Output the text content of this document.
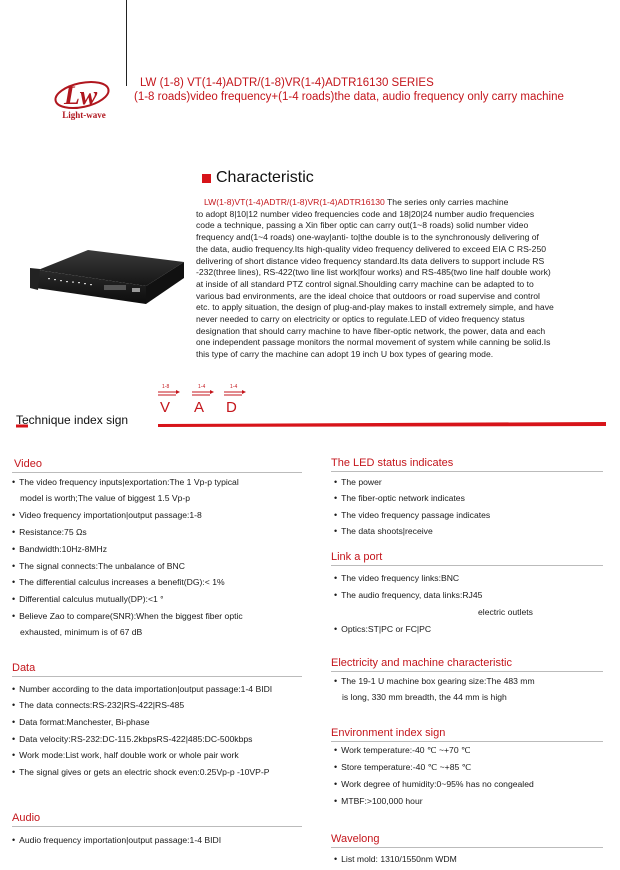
Lw
Light-wave
LW (1-8) VT(1-4)ADTR/(1-8)VR(1-4)ADTR16130 SERIES
(1-8 roads)video frequency+(1-4 roads)the data, audio frequency only carry machine
Characteristic
LW(1-8)VT(1-4)ADTR/(1-8)VR(1-4)ADTR16130 The series only carries machine
to adopt 8|10|12 number video frequencies code and 18|20|24 number audio frequencies
code a technique, passing a Xin fiber optic can carry out(1~8 roads) solid number video
frequency and(1~4 roads) one-way|anti- to|the double is to the synchronously delivering of
the data, audio frequency.Its high-quality video frequency delivered to exceed EIA C RS-250
delivering of short distance video frequency standard.Its data delivers to support include RS
-232(three lines), RS-422(two line list work|four works) and RS-485(two line half double work)
at inside of all standard PTZ control signal.Shoulding carry machine can be adapted to to
various bad environments, are the ideal choice that outdoors or road supervise and control
etc. to apply situation, the design of plug-and-play makes to install extremely simple, and have
never needed to carry on electricity or optics to regulate.LED of video frequency status
designation that should carry machine to have fiber-optic network, the power, data and each
one independent passage monitors the normal movement of system while canning be solid.Is
this type of carry the machine can adopt 19 inch U box types of gearing mode.
1-8
V
1-4
A
1-4
D
Technique index sign
Video
• The video frequency inputs|exportation:The 1 Vp-p typical
model is worth;The value of biggest 1.5 Vp-p
• Video frequency importation|output passage:1-8
• Resistance:75 Ωs
• Bandwidth:10Hz-8MHz
• The signal connects:The unbalance of BNC
• The differential calculus increases a benefit(DG):< 1%
• Differential calculus mutually(DP):<1 °
• Believe Zao to compare(SNR):When the biggest fiber optic
exhausted, minimum is of 67 dB
Data
• Number according to the data importation|output passage:1-4 BIDI
• The data connects:RS-232|RS-422|RS-485
• Data format:Manchester, Bi-phase
• Data velocity:RS-232:DC-115.2kbpsRS-422|485:DC-500kbps
• Work mode:List work, half double work or whole pair work
• The signal gives or gets an electric shock even:0.25Vp-p -10VP-P
Audio
• Audio frequency importation|output passage:1-4 BIDI
The LED status indicates
• The power
• The fiber-optic network indicates
• The video frequency passage indicates
• The data shoots|receive
Link a port
• The video frequency links:BNC
• The audio frequency, data links:RJ45
electric outlets
• Optics:ST|PC or FC|PC
Electricity and machine characteristic
• The 19-1 U machine box gearing size:The 483 mm
is long, 330 mm breadth, the 44 mm is high
Environment index sign
• Work temperature:-40 ℃ ~+70 ℃
• Store temperature:-40 ℃ ~+85 ℃
• Work degree of humidity:0~95% has no congealed
• MTBF:>100,000 hour
Wavelong
• List mold: 1310/1550nm WDM
